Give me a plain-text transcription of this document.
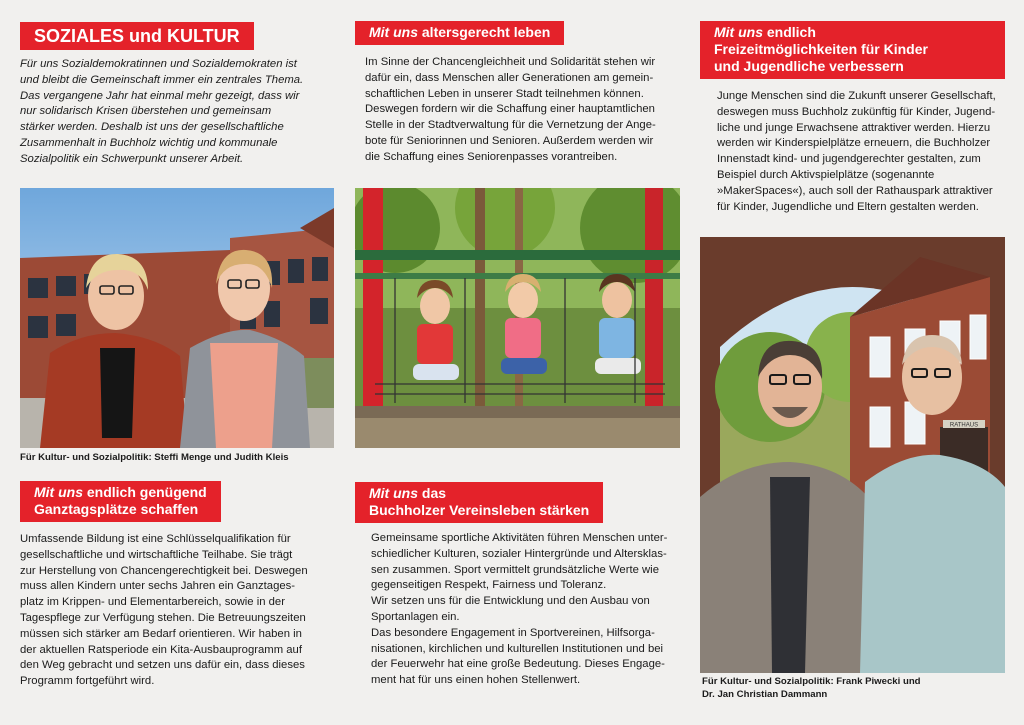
SOZIALES und KULTUR
Für uns Sozialdemokratinnen und Sozialdemokraten ist
und bleibt die Gemeinschaft immer ein zentrales Thema.
Das vergangene Jahr hat einmal mehr gezeigt, dass wir
nur solidarisch Krisen überstehen und gemeinsam
stärker werden. Deshalb ist uns der gesellschaftliche
Zusammenhalt in Buchholz wichtig und kommunale
Sozialpolitik ein Schwerpunkt unserer Arbeit.
Für Kultur- und Sozialpolitik: Steffi Menge und Judith Kleis
Mit uns endlich genügend
Ganztagsplätze schaffen
Umfassende Bildung ist eine Schlüsselqualifikation für
gesellschaftliche und wirtschaftliche Teilhabe. Sie trägt
zur Herstellung von Chancengerechtigkeit bei. Deswegen
muss allen Kindern unter sechs Jahren ein Ganztages-
platz im Krippen- und Elementarbereich, sowie in der
Tagespflege zur Verfügung stehen. Die Betreuungszeiten
müssen sich stärker am Bedarf orientieren. Wir haben in
der aktuellen Ratsperiode ein Kita-Ausbauprogramm auf
den Weg gebracht und setzen uns dafür ein, dass dieses
Programm fortgeführt wird.
Mit uns altersgerecht leben
Im Sinne der Chancengleichheit und Solidarität stehen wir
dafür ein, dass Menschen aller Generationen am gemein-
schaftlichen Leben in unserer Stadt teilnehmen können.
Deswegen fordern wir die Schaffung einer hauptamtlichen
Stelle in der Stadtverwaltung für die Vernetzung der Ange-
bote für Seniorinnen und Senioren. Außerdem werden wir
die Schaffung eines Seniorenpasses vorantreiben.
Mit uns das
Buchholzer Vereinsleben stärken
Gemeinsame sportliche Aktivitäten führen Menschen unter-
schiedlicher Kulturen, sozialer Hintergründe und Altersklas-
sen zusammen. Sport vermittelt grundsätzliche Werte wie
gegenseitigen Respekt, Fairness und Toleranz.
Wir setzen uns für die Entwicklung und den Ausbau von
Sportanlagen ein.
Das besondere Engagement in Sportvereinen, Hilfsorga-
nisationen, kirchlichen und kulturellen Institutionen und bei
der Feuerwehr hat eine große Bedeutung. Dieses Engage-
ment hat für uns einen hohen Stellenwert.
Mit uns endlich
Freizeitmöglichkeiten für Kinder
und Jugendliche verbessern
Junge Menschen sind die Zukunft unserer Gesellschaft,
deswegen muss Buchholz zukünftig für Kinder, Jugend-
liche und junge Erwachsene attraktiver werden. Hierzu
werden wir Kinderspielplätze erneuern, die Buchholzer
Innenstadt kind- und jugendgerechter gestalten, zum
Beispiel durch Aktivspielplätze (sogenannte
»MakerSpaces«), auch soll der Rathauspark attraktiver
für Kinder, Jugendliche und Eltern gestalten werden.
RATHAUS
Für Kultur- und Sozialpolitik: Frank Piwecki und
Dr. Jan Christian Dammann
